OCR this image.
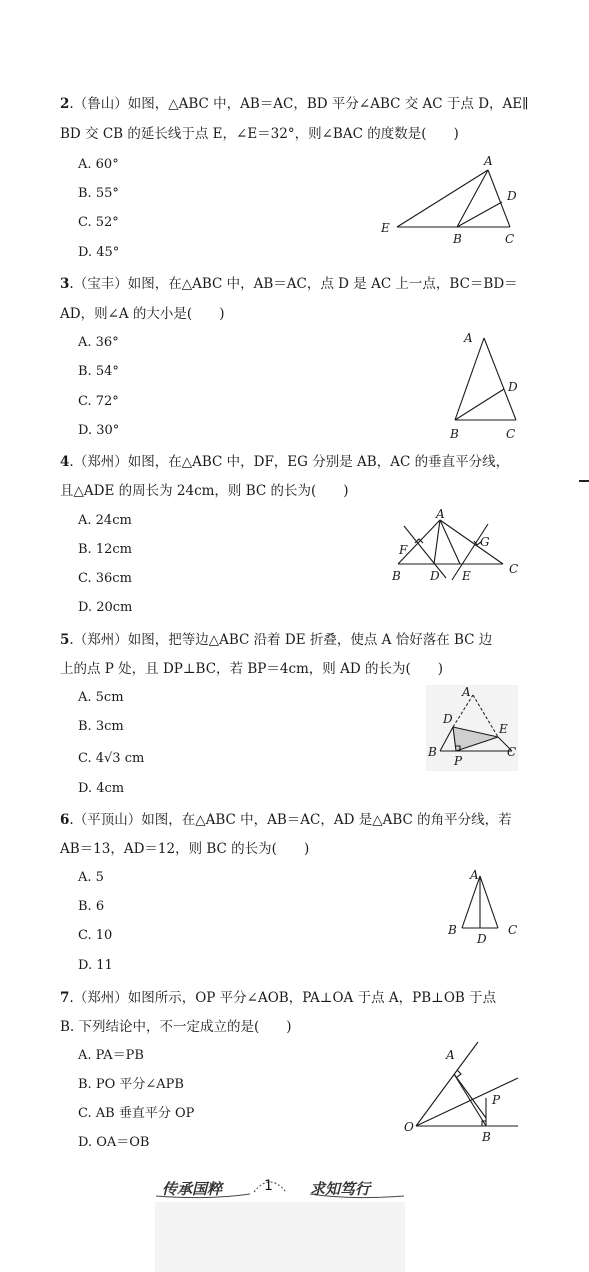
2.（鲁山）如图，△ABC 中，AB＝AC，BD 平分∠ABC 交 AC 于点 D，AE∥
BD 交 CB 的延长线于点 E，∠E＝32°，则∠BAC 的度数是(　　)
A. 60°
B. 55°
C. 52°
D. 45°
A
D
E
B	C
3.（宝丰）如图，在△ABC 中，AB＝AC，点 D 是 AC 上一点，BC＝BD＝
AD，则∠A 的大小是(　　)
A. 36°
B. 54°
C. 72°
D. 30°
A
D
B	C
4.（郑州）如图，在△ABC 中，DF，EG 分别是 AB，AC 的垂直平分线，
且△ADE 的周长为 24cm，则 BC 的长为(　　)
A. 24cm
B. 12cm
C. 36cm
D. 20cm
A
F
G
B D E	C
5.（郑州）如图，把等边△ABC 沿着 DE 折叠，使点 A 恰好落在 BC 边
上的点 P 处，且 DP⊥BC，若 BP＝4cm，则 AD 的长为(　　)
A. 5cm
B. 3cm
C. 4√3 cm
D. 4cm
A
D
E
B	C
P
6.（平顶山）如图，在△ABC 中，AB＝AC，AD 是△ABC 的角平分线，若
AB＝13，AD＝12，则 BC 的长为(　　)
A. 5
B. 6
C. 10
D. 11
A
B
D
C
7.（郑州）如图所示，OP 平分∠AOB，PA⊥OA 于点 A，PB⊥OB 于点
B. 下列结论中，不一定成立的是(　　)
A. PA＝PB
B. PO 平分∠APB
C. AB 垂直平分 OP
D. OA＝OB
A
P
O
B
传承国粹	1 求知笃行
